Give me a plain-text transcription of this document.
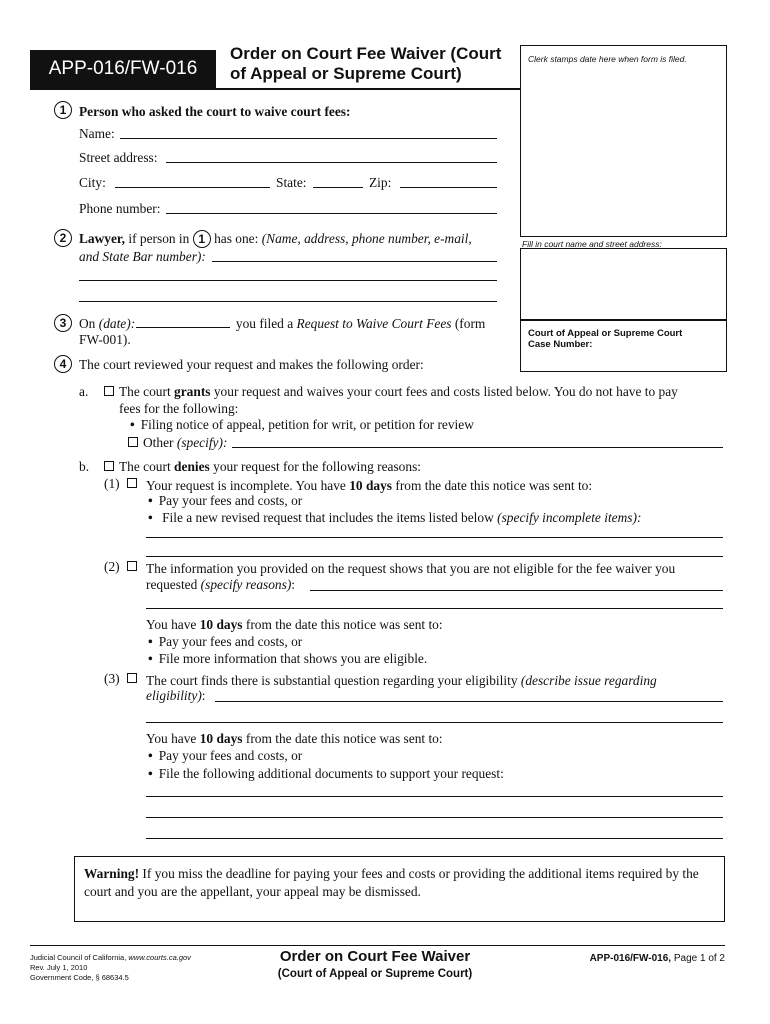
APP-016/FW-016
Order on Court Fee Waiver (Court
of Appeal or Supreme Court)
Clerk stamps date here when form is filed.
Fill in court name and street address:
Court of Appeal or Supreme Court
Case Number:
1 Person who asked the court to waive court fees:
Name:
Street address:
City:	State:	Zip:
Phone number:
2 Lawyer, if person in 1 has one: (Name, address, phone number, e-mail,
and State Bar number):
3 On (date):	you filed a Request to Waive Court Fees (form
FW-001).
4 The court reviewed your request and makes the following order:
a. The court grants your request and waives your court fees and costs listed below. You do not have to pay
fees for the following:
• Filing notice of appeal, petition for writ, or petition for review
Other (specify):
b. The court denies your request for the following reasons:
(1) Your request is incomplete. You have 10 days from the date this notice was sent to:
• Pay your fees and costs, or
• File a new revised request that includes the items listed below (specify incomplete items):
(2) The information you provided on the request shows that you are not eligible for the fee waiver you
requested (specify reasons):
You have 10 days from the date this notice was sent to:
• Pay your fees and costs, or
• File more information that shows you are eligible.
(3) The court finds there is substantial question regarding your eligibility (describe issue regarding
eligibility):
You have 10 days from the date this notice was sent to:
• Pay your fees and costs, or
• File the following additional documents to support your request:
Warning! If you miss the deadline for paying your fees and costs or providing the additional items required by the
court and you are the appellant, your appeal may be dismissed.
Judicial Council of California, www.courts.ca.gov
Rev. July 1, 2010
Government Code, § 68634.5
Order on Court Fee Waiver
(Court of Appeal or Supreme Court)
APP-016/FW-016, Page 1 of 2
